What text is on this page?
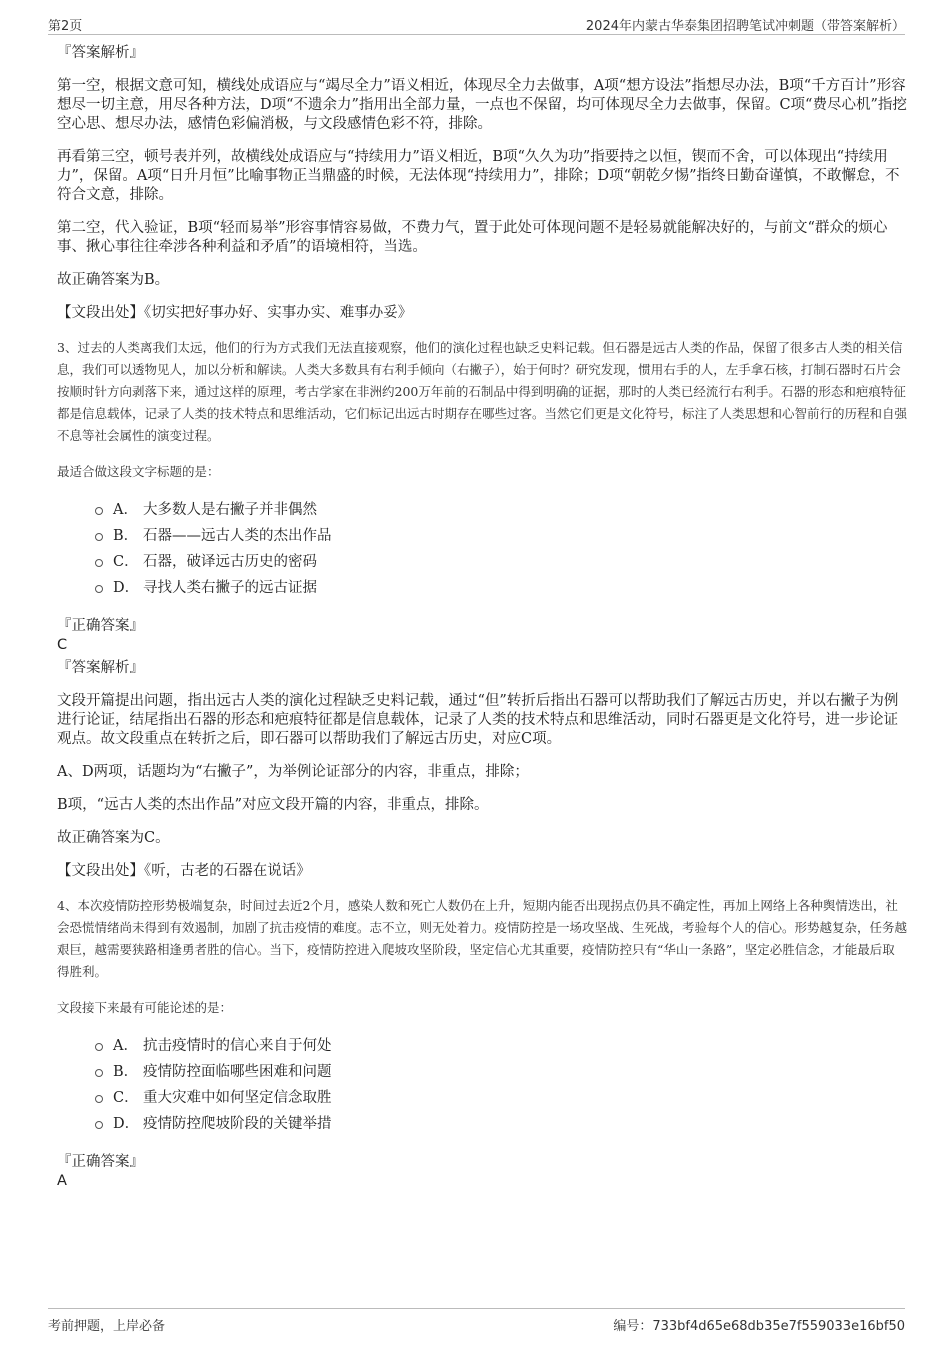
第2页	2024年内蒙古华泰集团招聘笔试冲刺题（带答案解析）
『答案解析』

第一空，根据文意可知，横线处成语应与“竭尽全力”语义相近，体现尽全力去做事，A项“想方设法”指想尽办法，B项“千方百计”形容想尽一切主意，用尽各种方法，D项“不遗余力”指用出全部力量，一点也不保留，均可体现尽全力去做事，保留。C项“费尽心机”指挖空心思、想尽办法，感情色彩偏消极，与文段感情色彩不符，排除。

再看第三空，顿号表并列，故横线处成语应与“持续用力”语义相近，B项“久久为功”指要持之以恒，锲而不舍，可以体现出“持续用力”，保留。A项“日升月恒”比喻事物正当鼎盛的时候，无法体现“持续用力”，排除；D项“朝乾夕惕”指终日勤奋谨慎，不敢懈怠，不符合文意，排除。

第二空，代入验证，B项“轻而易举”形容事情容易做，不费力气，置于此处可体现问题不是轻易就能解决好的，与前文“群众的烦心事、揪心事往往牵涉各种利益和矛盾”的语境相符，当选。

故正确答案为B。

【文段出处】《切实把好事办好、实事办实、难事办妥》

3、过去的人类离我们太远，他们的行为方式我们无法直接观察，他们的演化过程也缺乏史料记载。但石器是远古人类的作品，保留了很多古人类的相关信息，我们可以透物见人，加以分析和解读。人类大多数具有右利手倾向（右撇子），始于何时？研究发现，惯用右手的人，左手拿石核，打制石器时石片会按顺时针方向剥落下来，通过这样的原理，考古学家在非洲约200万年前的石制品中得到明确的证据，那时的人类已经流行右利手。石器的形态和疤痕特征都是信息载体，记录了人类的技术特点和思维活动，它们标记出远古时期存在哪些过客。当然它们更是文化符号，标注了人类思想和心智前行的历程和自强不息等社会属性的演变过程。

最适合做这段文字标题的是：

A． 大多数人是右撇子并非偶然
B． 石器——远古人类的杰出作品
C． 石器，破译远古历史的密码
D． 寻找人类右撇子的远古证据
『正确答案』
C
『答案解析』

文段开篇提出问题，指出远古人类的演化过程缺乏史料记载，通过“但”转折后指出石器可以帮助我们了解远古历史，并以右撇子为例进行论证，结尾指出石器的形态和疤痕特征都是信息载体，记录了人类的技术特点和思维活动，同时石器更是文化符号，进一步论证观点。故文段重点在转折之后，即石器可以帮助我们了解远古历史，对应C项。

A、D两项，话题均为“右撇子”，为举例论证部分的内容，非重点，排除；

B项，“远古人类的杰出作品”对应文段开篇的内容，非重点，排除。

故正确答案为C。

【文段出处】《听，古老的石器在说话》

4、本次疫情防控形势极端复杂，时间过去近2个月，感染人数和死亡人数仍在上升，短期内能否出现拐点仍具不确定性，再加上网络上各种舆情迭出，社会恐慌情绪尚未得到有效遏制，加剧了抗击疫情的难度。志不立，则无处着力。疫情防控是一场攻坚战、生死战，考验每个人的信心。形势越复杂，任务越艰巨，越需要狭路相逢勇者胜的信心。当下，疫情防控进入爬坡攻坚阶段，坚定信心尤其重要，疫情防控只有“华山一条路”，坚定必胜信念，才能最后取得胜利。

文段接下来最有可能论述的是：

A． 抗击疫情时的信心来自于何处
B． 疫情防控面临哪些困难和问题
C． 重大灾难中如何坚定信念取胜
D． 疫情防控爬坡阶段的关键举措
『正确答案』
A
考前押题，上岸必备	编号：733bf4d65e68db35e7f559033e16bf50
